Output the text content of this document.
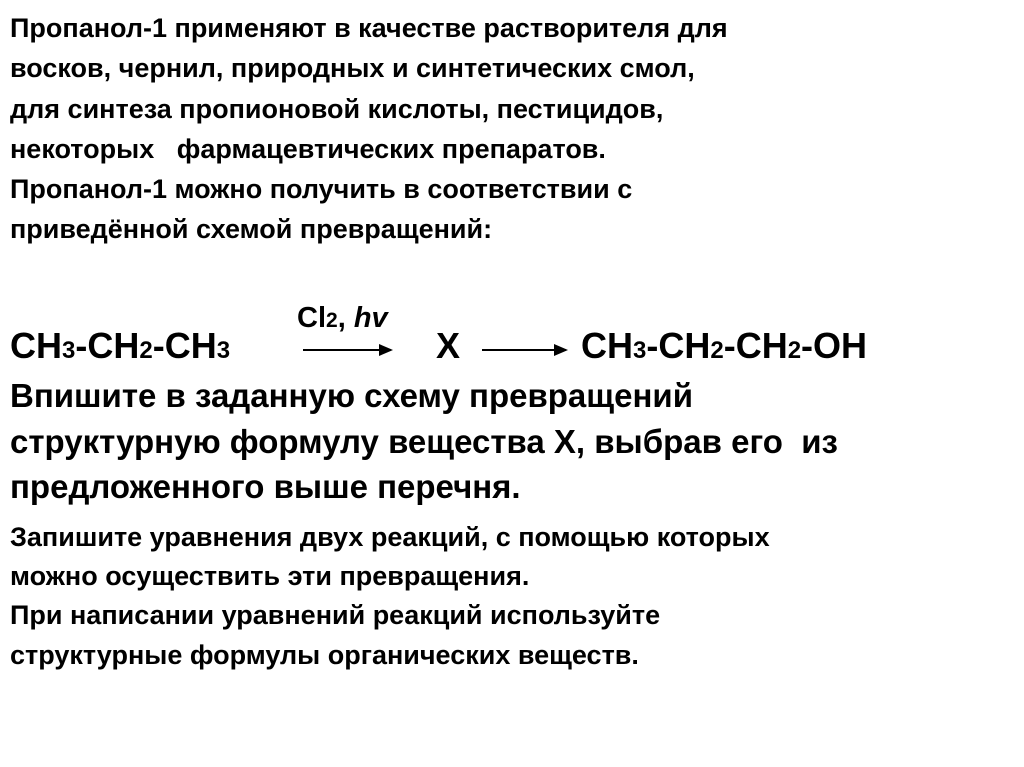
Пропанол-1 применяют в качестве растворителя для
восков, чернил, природных и синтетических смол,
для синтеза пропионовой кислоты, пестицидов,
некоторых   фармацевтических препаратов.
Пропанол-1 можно получить в соответствии с
приведённой схемой превращений:
CH3-CH2-CH3
Cl2, hv
X	CH3-CH2-CH2-OH
Впишите в заданную схему превращений
структурную формулу вещества X, выбрав его  из
предложенного выше перечня.
Запишите уравнения двух реакций, с помощью которых
можно осуществить эти превращения.
При написании уравнений реакций используйте
структурные формулы органических веществ.
